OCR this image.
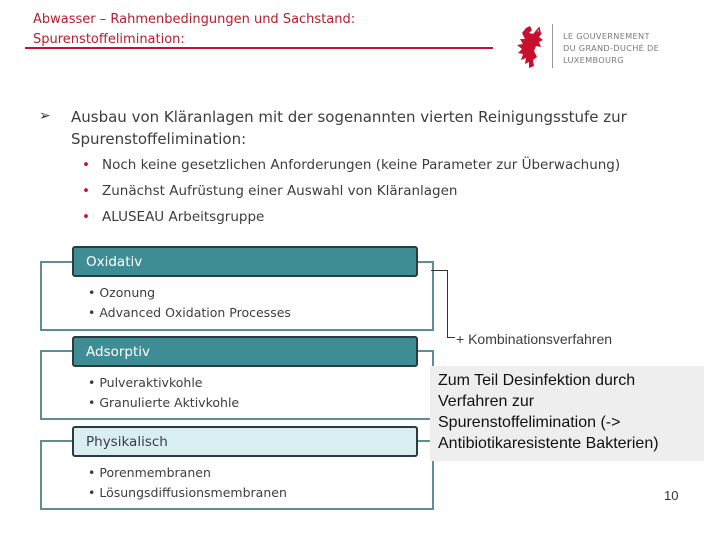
Abwasser – Rahmenbedingungen und Sachstand:
Spurenstoffelimination:	LE GOUVERNEMENT
DU GRAND-DUCHÉ DE LUXEMBOURG
➢ Ausbau von Kläranlagen mit der sogenannten vierten Reinigungsstufe zur Spurenstoffelimination:
• Noch keine gesetzlichen Anforderungen (keine Parameter zur Überwachung)
• Zunächst Aufrüstung einer Auswahl von Kläranlagen
• ALUSEAU Arbeitsgruppe
Oxidativ
• Ozonung
• Advanced Oxidation Processes
Adsorptiv
• Pulveraktivkohle
• Granulierte Aktivkohle
Physikalisch
• Porenmembranen
• Lösungsdiffusionsmembranen
+ Kombinationsverfahren
Zum Teil Desinfektion durch Verfahren zur Spurenstoffelimination (-> Antibiotikaresistente Bakterien)
10
